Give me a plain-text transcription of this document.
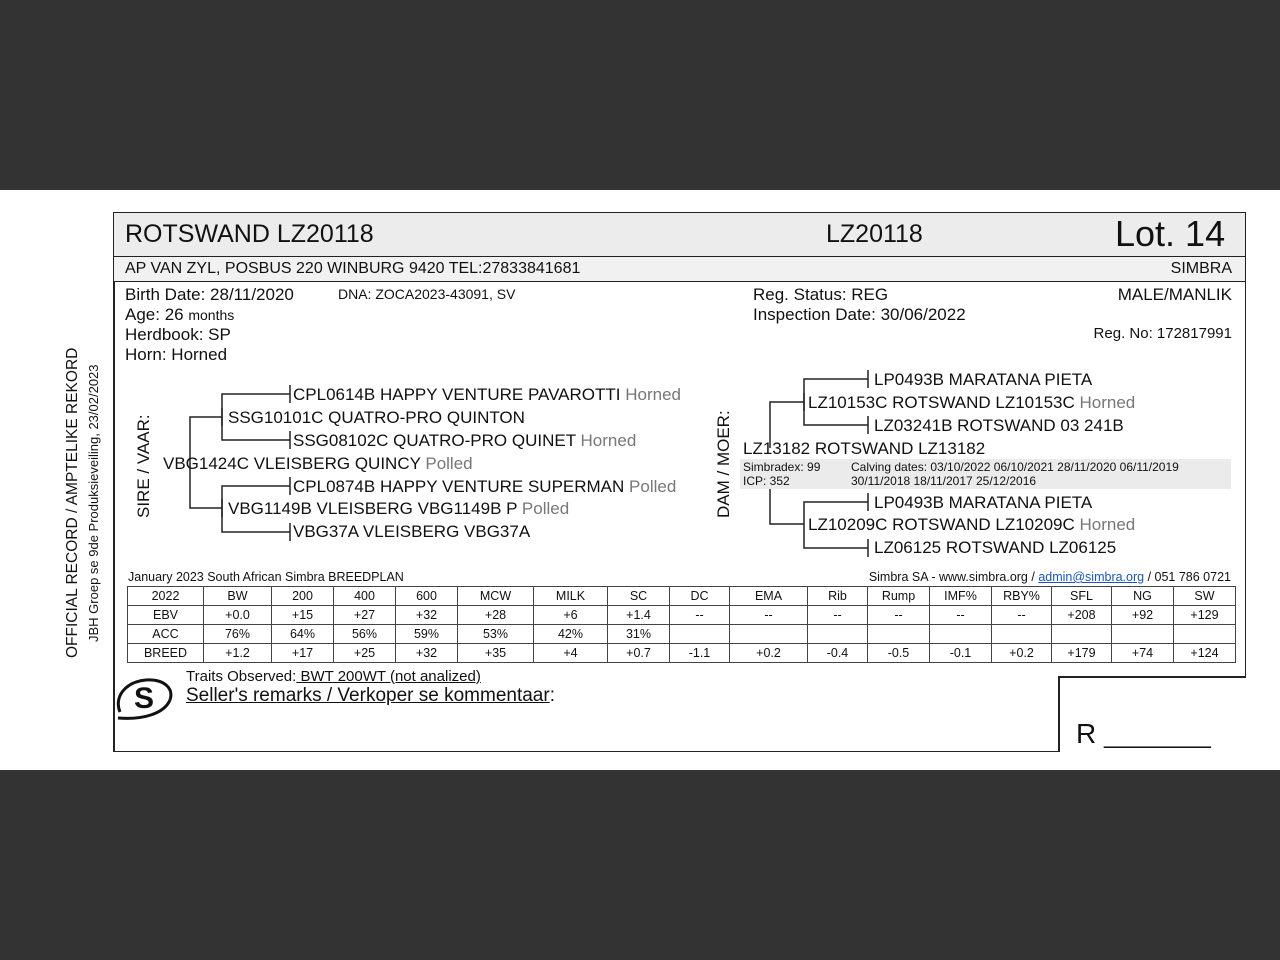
OFFICIAL RECORD / AMPTELIKE REKORD JBH Groep se 9de Produksieveiling, 23/02/2023
ROTSWAND LZ20118	LZ20118	Lot. 14
AP VAN ZYL, POSBUS 220 WINBURG 9420 TEL:27833841681	SIMBRA
Birth Date: 28/11/2020	DNA: ZOCA2023-43091, SV
Age: 26 months
Herdbook: SP
Horn: Horned
Reg. Status: REG
Inspection Date: 30/06/2022
MALE/MANLIK
Reg. No: 172817991
SIRE / VAAR:
CPL0614B HAPPY VENTURE PAVAROTTI Horned
SSG10101C QUATRO-PRO QUINTON
SSG08102C QUATRO-PRO QUINET Horned
VBG1424C VLEISBERG QUINCY Polled
CPL0874B HAPPY VENTURE SUPERMAN Polled
VBG1149B VLEISBERG VBG1149B P Polled
VBG37A VLEISBERG VBG37A
DAM / MOER:
LP0493B MARATANA PIETA
LZ10153C ROTSWAND LZ10153C Horned
LZ03241B ROTSWAND 03 241B
LZ13182 ROTSWAND LZ13182
Simbradex: 99
ICP: 352
Calving dates: 03/10/2022 06/10/2021 28/11/2020 06/11/2019
30/11/2018 18/11/2017 25/12/2016
LP0493B MARATANA PIETA
LZ10209C ROTSWAND LZ10209C Horned
LZ06125 ROTSWAND LZ06125
January 2023 South African Simbra BREEDPLAN	Simbra SA - www.simbra.org / admin@simbra.org / 051 786 0721
2022	BW	200	400	600	MCW	MILK	SC	DC	EMA	Rib	Rump	IMF%	RBY%	SFL	NG	SW
EBV	+0.0	+15	+27	+32	+28	+6	+1.4	--	--	--	--	--	--	+208	+92	+129
ACC	76%	64%	56%	59%	53%	42%	31%									
BREED	+1.2	+17	+25	+32	+35	+4	+0.7	-1.1	+0.2	-0.4	-0.5	-0.1	+0.2	+179	+74	+124
S
Traits Observed: BWT 200WT (not analized)
Seller's remarks / Verkoper se kommentaar:
R ________
